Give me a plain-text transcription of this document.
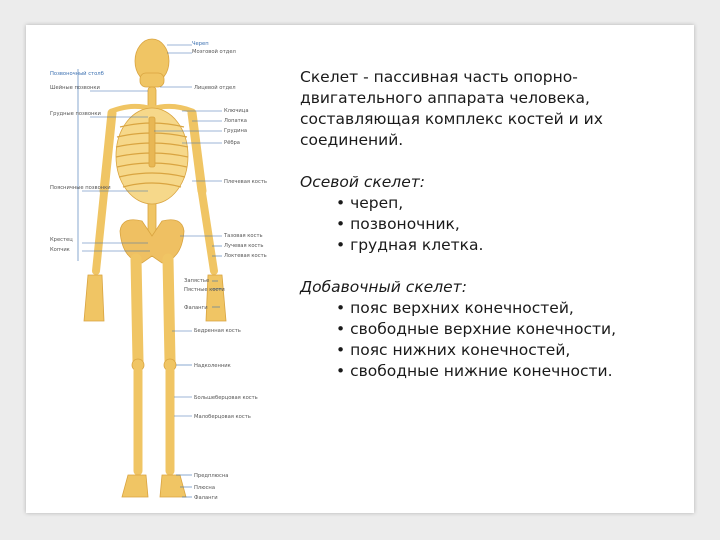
Череп
Мозговой отдел
Лицевой отдел
Ключица
Лопатка
Грудина
Рёбра
Плечевая кость
Тазовая кость
Лучевая кость
Локтевая кость
Запястье
Пястные кости
Фаланги
Бедренная кость
Надколенник
Большеберцовая кость
Малоберцовая кость
Предплюсна
Плюсна
Фаланги
Позвоночный столб
Шейные позвонки
Грудные позвонки
Поясничные позвонки
Крестец
Копчик

Скелет - пассивная часть опорно-
двигательного аппарата человека,
составляющая комплекс костей и их
соединений.

Осевой скелет:

• череп,
• позвоночник,
• грудная клетка.

Добавочный скелет:

• пояс верхних конечностей,
• свободные верхние конечности,
• пояс нижних конечностей,
• свободные нижние конечности.
